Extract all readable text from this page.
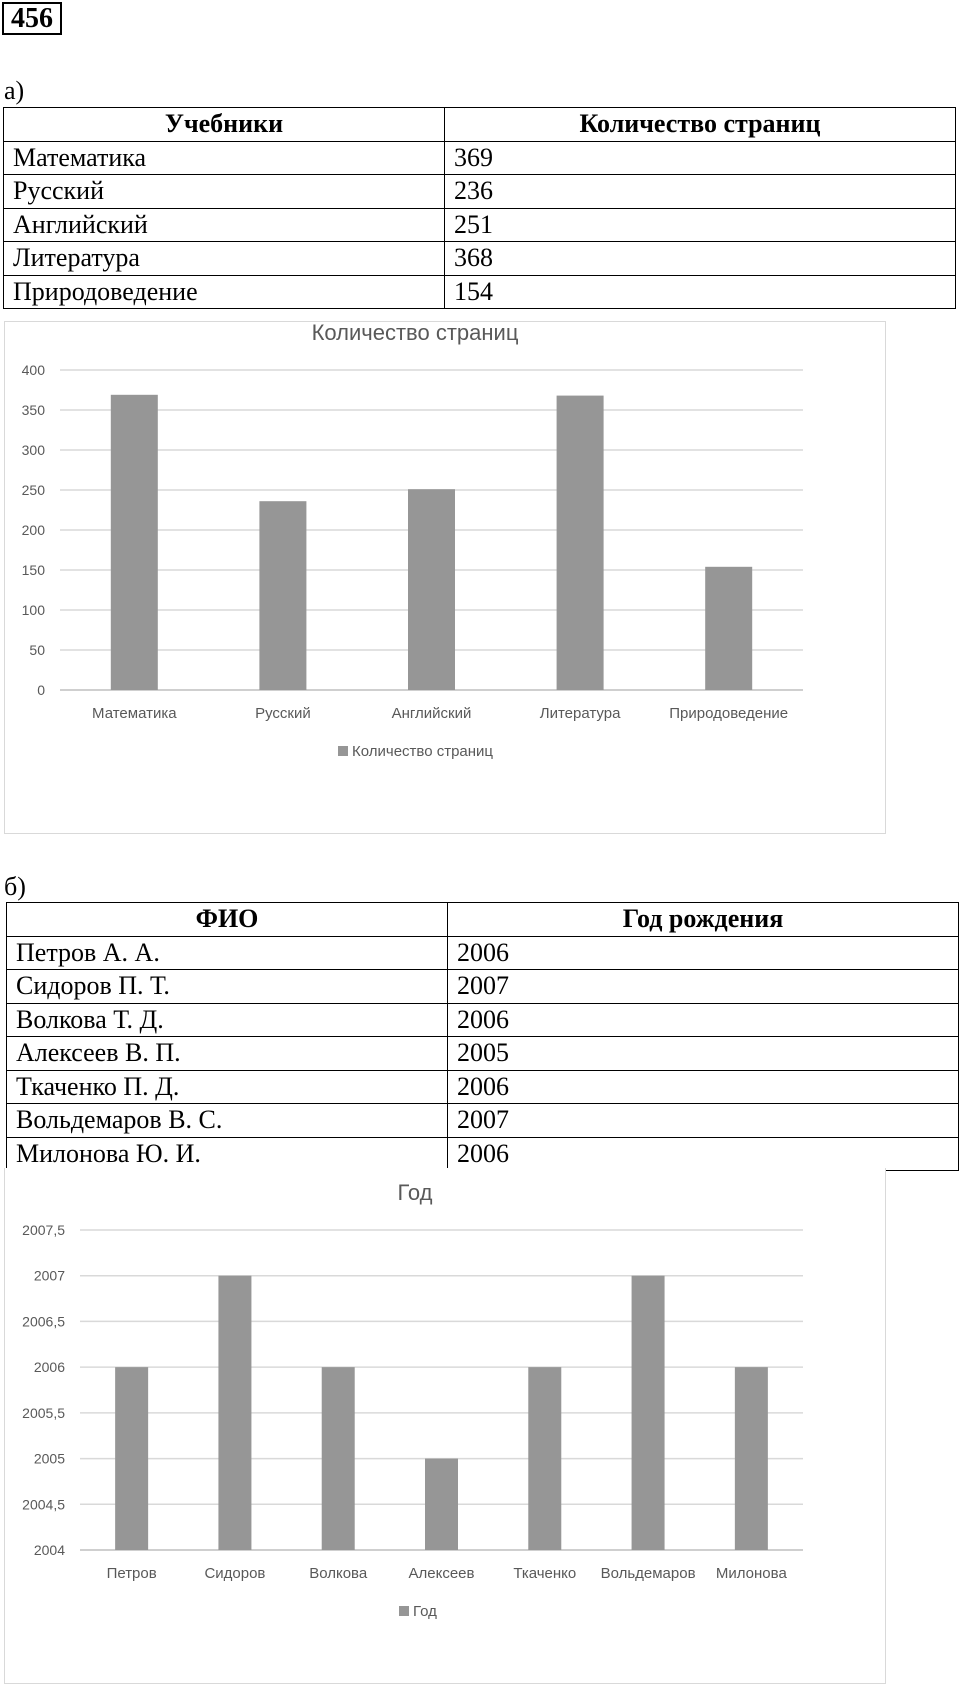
456
а)
Учебники	Количество страниц
Математика	369
Русский	236
Английский	251
Литература	368
Природоведение	154
Количество страниц
0
50
100
150
200
250
300
350
400
Математика	Русский	Английский	Литература	Природоведение
Количество страниц
б)
ФИО	Год рождения
Петров А. А.	2006
Сидоров П. Т.	2007
Волкова Т. Д.	2006
Алексеев В. П.	2005
Ткаченко П. Д.	2006
Вольдемаров В. С.	2007
Милонова Ю. И.	2006
Год
2004
2004,5
2005
2005,5
2006
2006,5
2007
2007,5
Петров	Сидоров	Волкова	Алексеев	Ткаченко Вольдемаров Милонова
Год
